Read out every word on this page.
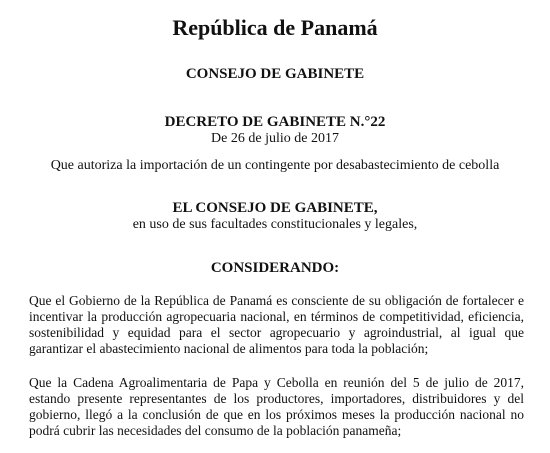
República de Panamá
CONSEJO DE GABINETE
DECRETO DE GABINETE N.°22
De 26 de julio de 2017
Que autoriza la importación de un contingente por desabastecimiento de cebolla
EL CONSEJO DE GABINETE,
en uso de sus facultades constitucionales y legales,
CONSIDERANDO:
Que el Gobierno de la República de Panamá es consciente de su obligación de fortalecer e incentivar la producción agropecuaria nacional, en términos de competitividad, eficiencia, sostenibilidad y equidad para el sector agropecuario y agroindustrial, al igual que garantizar el abastecimiento nacional de alimentos para toda la población;
Que la Cadena Agroalimentaria de Papa y Cebolla en reunión del 5 de julio de 2017, estando presente representantes de los productores, importadores, distribuidores y del gobierno, llegó a la conclusión de que en los próximos meses la producción nacional no podrá cubrir las necesidades del consumo de la población panameña;
